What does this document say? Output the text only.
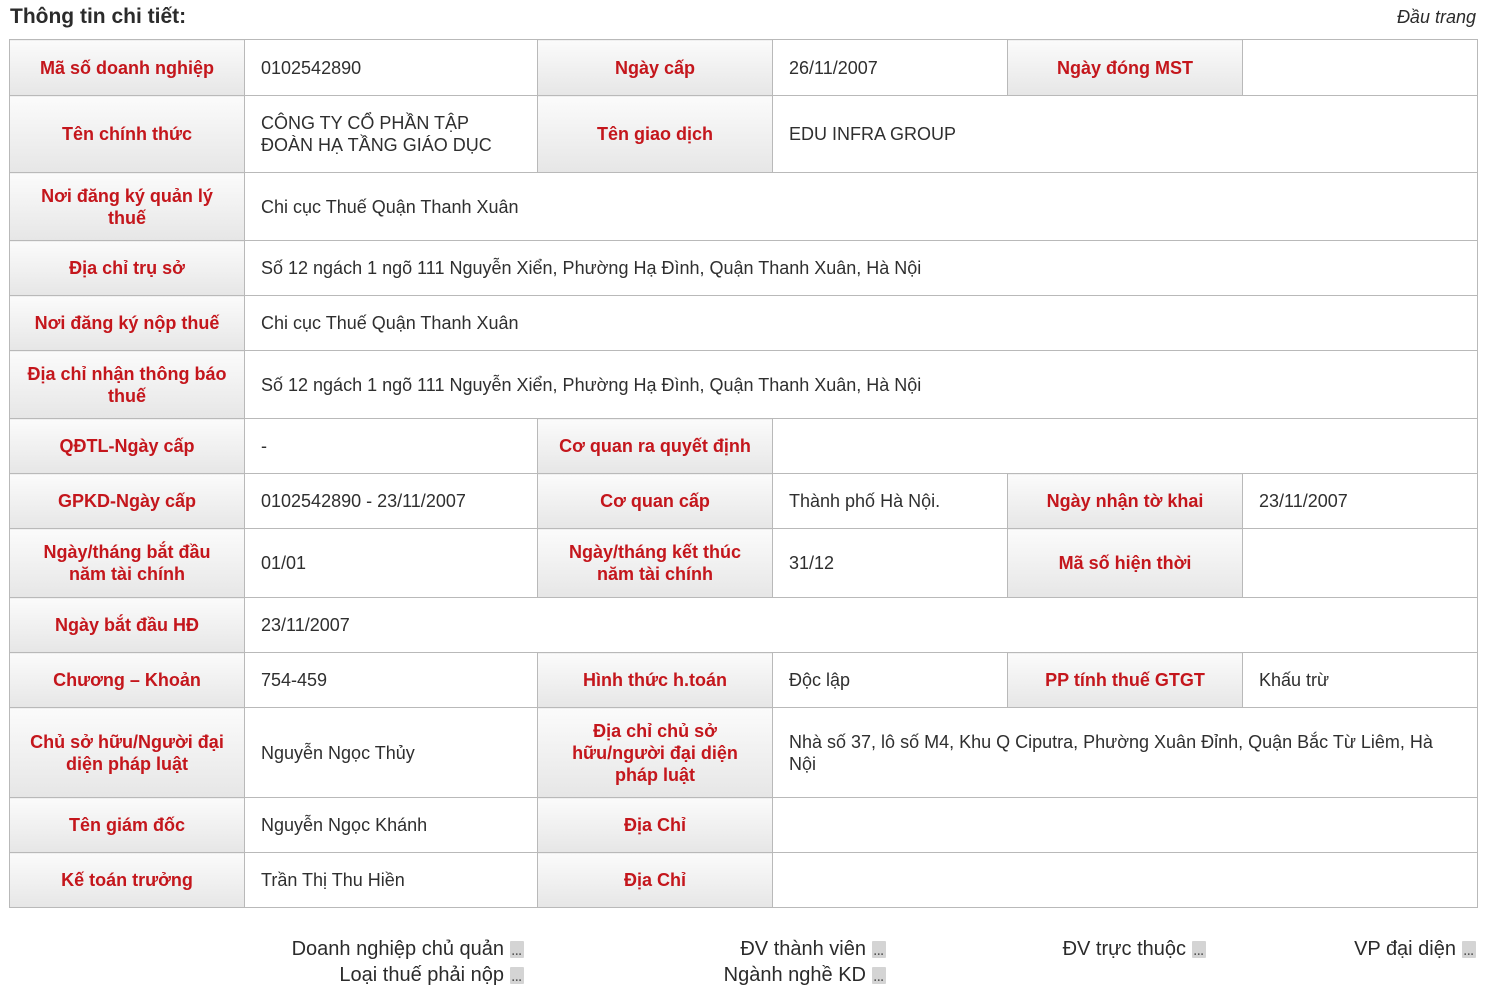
Thông tin chi tiết:	Đầu trang
Mã số doanh nghiệp	0102542890	Ngày cấp	26/11/2007	Ngày đóng MST	
Tên chính thức	CÔNG TY CỔ PHẦN TẬP ĐOÀN HẠ TẦNG GIÁO DỤC	Tên giao dịch	EDU INFRA GROUP		
Nơi đăng ký quản lý thuế	Chi cục Thuế Quận Thanh Xuân				
Địa chỉ trụ sở	Số 12 ngách 1 ngõ 111 Nguyễn Xiển, Phường Hạ Đình, Quận Thanh Xuân, Hà Nội				
Nơi đăng ký nộp thuế	Chi cục Thuế Quận Thanh Xuân				
Địa chỉ nhận thông báo thuế	Số 12 ngách 1 ngõ 111 Nguyễn Xiển, Phường Hạ Đình, Quận Thanh Xuân, Hà Nội				
QĐTL-Ngày cấp	-	Cơ quan ra quyết định			
GPKD-Ngày cấp	0102542890 - 23/11/2007	Cơ quan cấp	Thành phố Hà Nội.	Ngày nhận tờ khai	23/11/2007
Ngày/tháng bắt đầu năm tài chính	01/01	Ngày/tháng kết thúc năm tài chính	31/12	Mã số hiện thời	
Ngày bắt đầu HĐ	23/11/2007				
Chương – Khoản	754-459	Hình thức h.toán	Độc lập	PP tính thuế GTGT	Khấu trừ
Chủ sở hữu/Người đại diện pháp luật	Nguyễn Ngọc Thủy	Địa chỉ chủ sở hữu/người đại diện pháp luật	Nhà số 37, lô số M4, Khu Q Ciputra, Phường Xuân Đỉnh, Quận Bắc Từ Liêm, Hà Nội		
Tên giám đốc	Nguyễn Ngọc Khánh	Địa Chỉ			
Kế toán trưởng	Trần Thị Thu Hiền	Địa Chỉ			
Doanh nghiệp chủ quản...
Loại thuế phải nộp...
ĐV thành viên...
Ngành nghề KD...
ĐV trực thuộc ...	VP đại diện...
